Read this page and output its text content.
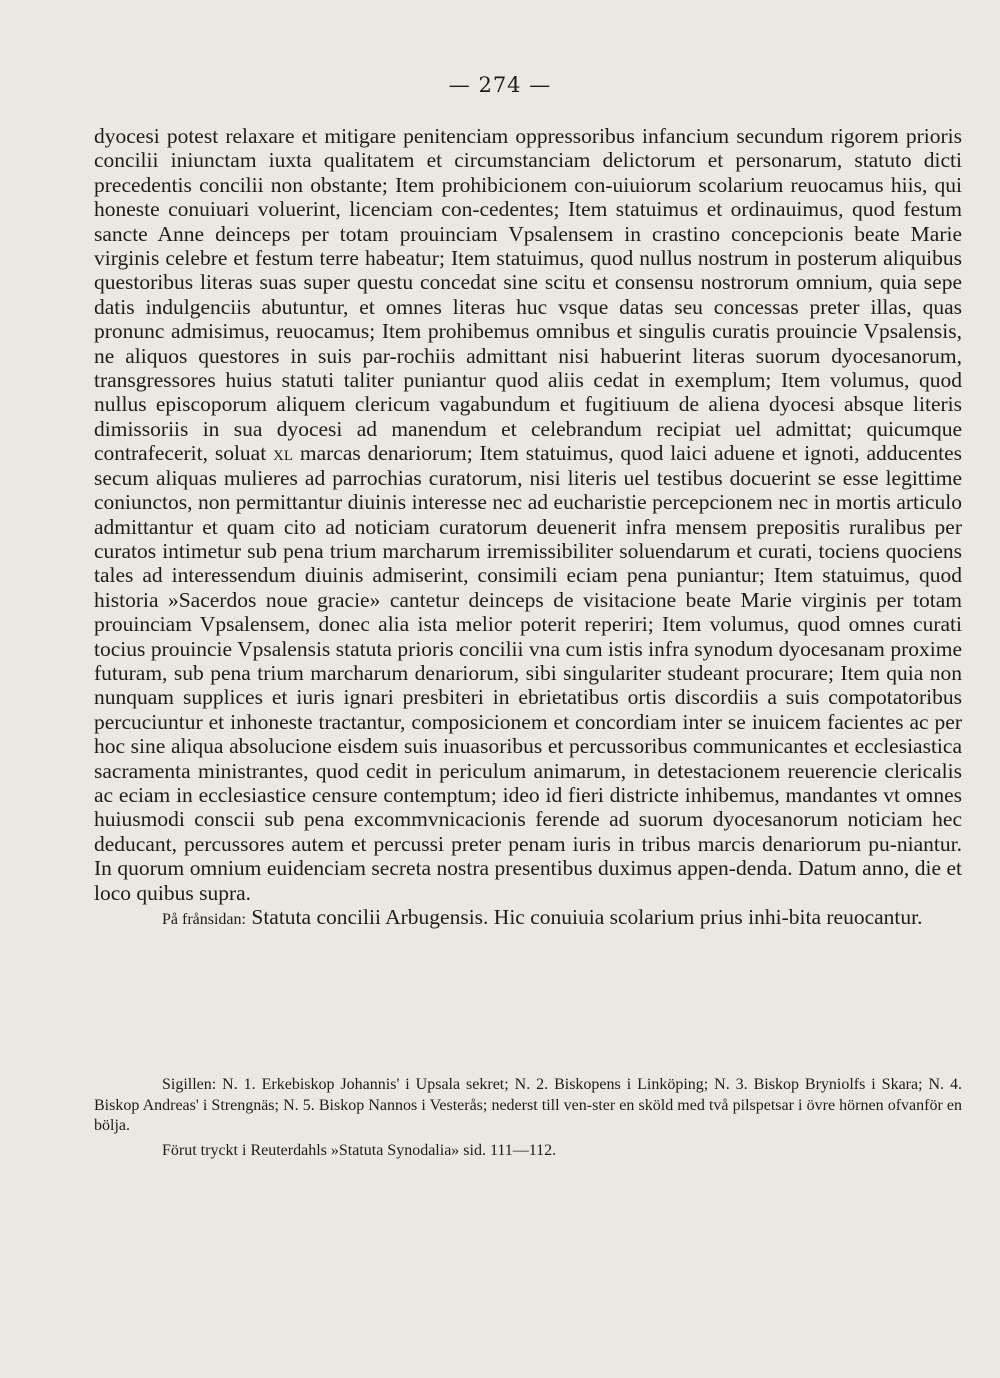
— 274 —

dyocesi potest relaxare et mitigare penitenciam oppressoribus infancium secundum rigorem prioris concilii iniunctam iuxta qualitatem et circumstanciam delictorum et personarum, statuto dicti precedentis concilii non obstante; Item prohibicionem con-uiuiorum scolarium reuocamus hiis, qui honeste conuiuari voluerint, licenciam con-cedentes; Item statuimus et ordinauimus, quod festum sancte Anne deinceps per totam prouinciam Vpsalensem in crastino concepcionis beate Marie virginis celebre et festum terre habeatur; Item statuimus, quod nullus nostrum in posterum aliquibus questoribus literas suas super questu concedat sine scitu et consensu nostrorum omnium, quia sepe datis indulgenciis abutuntur, et omnes literas huc vsque datas seu concessas preter illas, quas pronunc admisimus, reuocamus; Item prohibemus omnibus et singulis curatis prouincie Vpsalensis, ne aliquos questores in suis par-rochiis admittant nisi habuerint literas suorum dyocesanorum, transgressores huius statuti taliter puniantur quod aliis cedat in exemplum; Item volumus, quod nullus episcoporum aliquem clericum vagabundum et fugitiuum de aliena dyocesi absque literis dimissoriis in sua dyocesi ad manendum et celebrandum recipiat uel admittat; quicumque contrafecerit, soluat xl marcas denariorum; Item statuimus, quod laici aduene et ignoti, adducentes secum aliquas mulieres ad parrochias curatorum, nisi literis uel testibus docuerint se esse legittime coniunctos, non permittantur diuinis interesse nec ad eucharistie percepcionem nec in mortis articulo admittantur et quam cito ad noticiam curatorum deuenerit infra mensem prepositis ruralibus per curatos intimetur sub pena trium marcharum irremissibiliter soluendarum et curati, tociens quociens tales ad interessendum diuinis admiserint, consimili eciam pena puniantur; Item statuimus, quod historia »Sacerdos noue gracie» cantetur deinceps de visitacione beate Marie virginis per totam prouinciam Vpsalensem, donec alia ista melior poterit reperiri; Item volumus, quod omnes curati tocius prouincie Vpsalensis statuta prioris concilii vna cum istis infra synodum dyocesanam proxime futuram, sub pena trium marcharum denariorum, sibi singulariter studeant procurare; Item quia non nunquam supplices et iuris ignari presbiteri in ebrietatibus ortis discordiis a suis compotatoribus percuciuntur et inhoneste tractantur, composicionem et concordiam inter se inuicem facientes ac per hoc sine aliqua absolucione eisdem suis inuasoribus et percussoribus communicantes et ecclesiastica sacramenta ministrantes, quod cedit in periculum animarum, in detestacionem reuerencie clericalis ac eciam in ecclesiastice censure contemptum; ideo id fieri districte inhibemus, mandantes vt omnes huiusmodi conscii sub pena excommvnicacionis ferende ad suorum dyocesanorum noticiam hec deducant, percussores autem et percussi preter penam iuris in tribus marcis denariorum pu-niantur. In quorum omnium euidenciam secreta nostra presentibus duximus appen-denda. Datum anno, die et loco quibus supra.

På frånsidan: Statuta concilii Arbugensis. Hic conuiuia scolarium prius inhi-bita reuocantur.

Sigillen: N. 1. Erkebiskop Johannis' i Upsala sekret; N. 2. Biskopens i Linköping; N. 3. Biskop Bryniolfs i Skara; N. 4. Biskop Andreas' i Strengnäs; N. 5. Biskop Nannos i Vesterås; nederst till ven-ster en sköld med två pilspetsar i övre hörnen ofvanför en bölja.

Förut tryckt i Reuterdahls »Statuta Synodalia» sid. 111—112.
